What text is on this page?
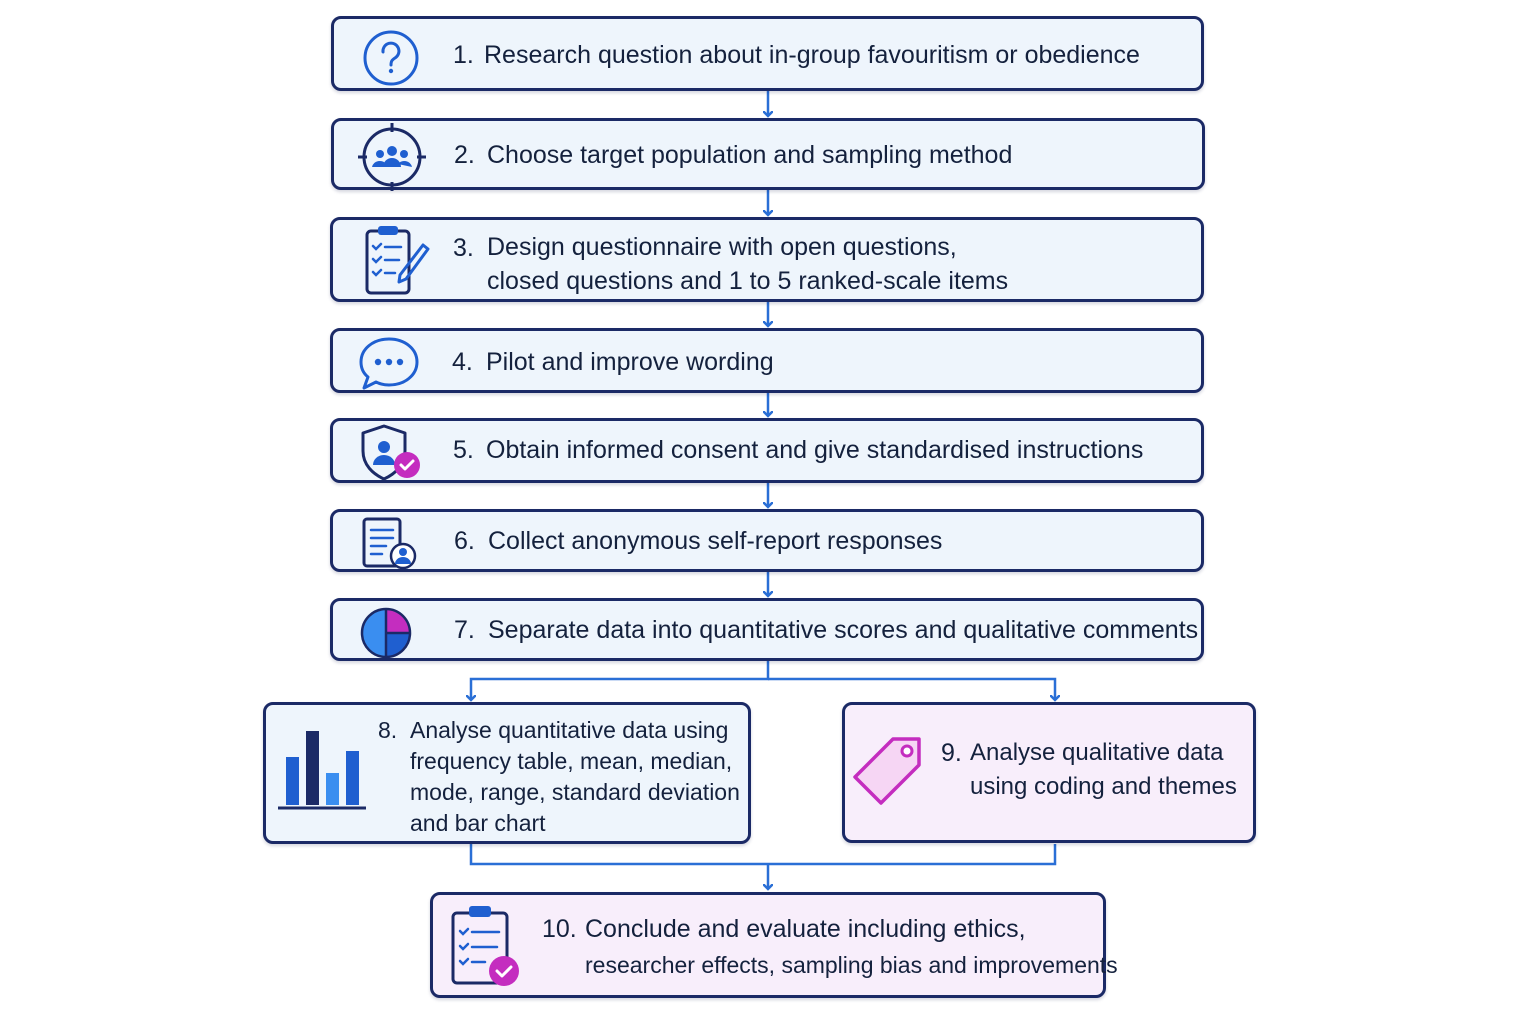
1. Research question about in-group favouritism or obedience
2. Choose target population and sampling method
3. Design questionnaire with open questions,
closed questions and 1 to 5 ranked-scale items
4. Pilot and improve wording
5. Obtain informed consent and give standardised instructions
6. Collect anonymous self-report responses
7. Separate data into quantitative scores and qualitative comments
8. Analyse quantitative data using
frequency table, mean, median,
mode, range, standard deviation
and bar chart
9. Analyse qualitative data
using coding and themes
10. Conclude and evaluate including ethics,
researcher effects, sampling bias and improvements
